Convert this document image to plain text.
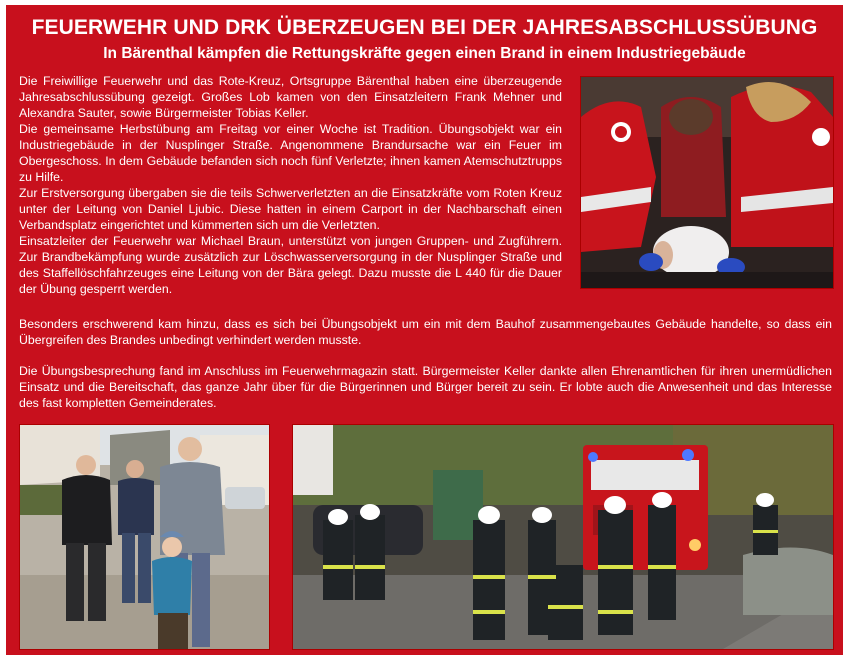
FEUERWEHR UND DRK ÜBERZEUGEN BEI DER JAHRESABSCHLUSSÜBUNG
In Bärenthal kämpfen die Rettungskräfte gegen einen Brand in einem Industriegebäude

Die Freiwillige Feuerwehr und das Rote-Kreuz, Ortsgruppe Bärenthal haben eine überzeugende Jahresabschlussübung gezeigt. Großes Lob kamen von den Einsatzleitern Frank Mehner und Alexandra Sauter, sowie Bürgermeister Tobias Keller.

Die gemeinsame Herbstübung am Freitag vor einer Woche ist Tradition. Übungsobjekt war ein Industriegebäude in der Nusplinger Straße. Angenommene Brandursache war ein Feuer im Obergeschoss. In dem Gebäude befanden sich noch fünf Verletzte; ihnen kamen Atemschutztrupps zu Hilfe.

Zur Erstversorgung übergaben sie die teils Schwerverletzten an die Einsatzkräfte vom Roten Kreuz unter der Leitung von Daniel Ljubic. Diese hatten in einem Carport in der Nachbarschaft einen Verbandsplatz eingerichtet und kümmerten sich um die Verletzten.

Einsatzleiter der Feuerwehr war Michael Braun, unterstützt von jungen Gruppen- und Zugführern. Zur Brandbekämpfung wurde zusätzlich zur Löschwasserversorgung in der Nusplinger Straße und des Staffellöschfahrzeuges eine Leitung von der Bära gelegt. Dazu musste die L 440 für die Dauer der Übung gesperrt werden.

Besonders erschwerend kam hinzu, dass es sich bei Übungsobjekt um ein mit dem Bauhof zusammengebautes Gebäude handelte, so dass ein Übergreifen des Brandes unbedingt verhindert werden musste.

Die Übungsbesprechung fand im Anschluss im Feuerwehrmagazin statt. Bürgermeister Keller dankte allen Ehrenamtlichen für ihren unermüdlichen Einsatz und die Bereitschaft, das ganze Jahr über für die Bürgerinnen und Bürger bereit zu sein. Er lobte auch die Anwesenheit und das Interesse des fast kompletten Gemeinderates.
